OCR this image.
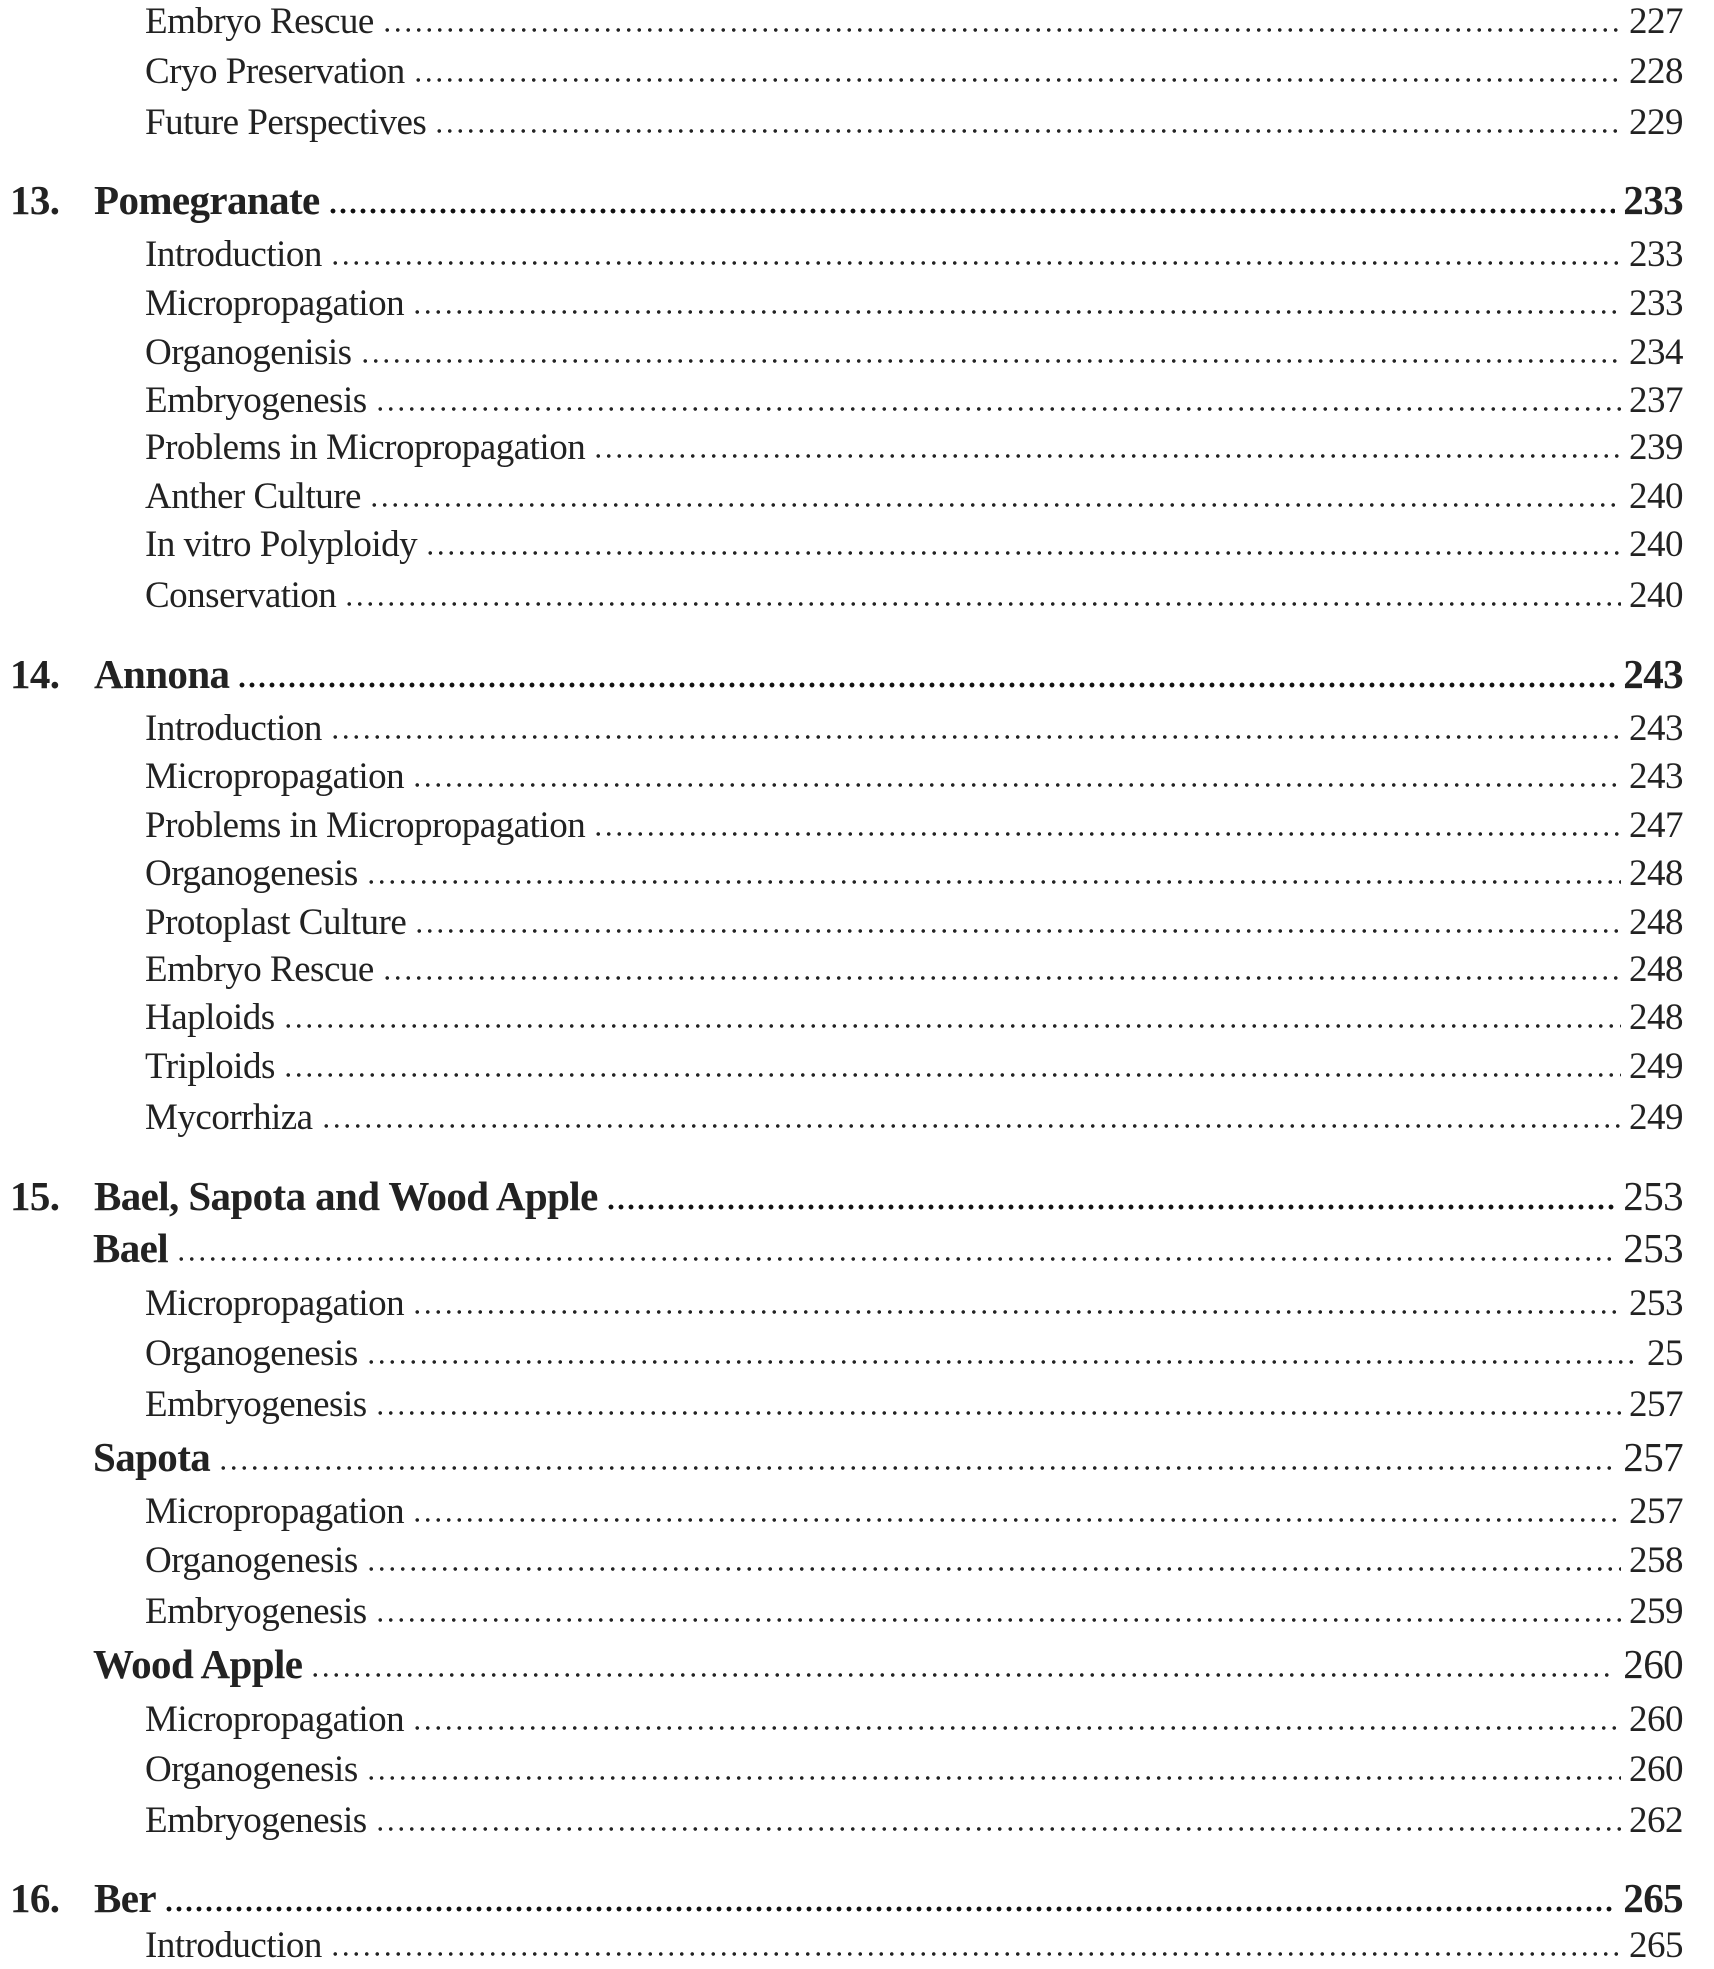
Embryo Rescue	227
Cryo Preservation	228
Future Perspectives	229
13. Pomegranate	233
Introduction	233
Micropropagation	233
Organogenisis	234
Embryogenesis	237
Problems in Micropropagation	239
Anther Culture	240
In vitro Polyploidy	240
Conservation	240
14. Annona	243
Introduction	243
Micropropagation	243
Problems in Micropropagation	247
Organogenesis	248
Protoplast Culture	248
Embryo Rescue	248
Haploids	248
Triploids	249
Mycorrhiza	249
15. Bael, Sapota and Wood Apple	253
Bael	253
Micropropagation	253
Organogenesis	25
Embryogenesis	257
Sapota	257
Micropropagation	257
Organogenesis	258
Embryogenesis	259
Wood Apple	260
Micropropagation	260
Organogenesis	260
Embryogenesis	262
16. Ber	265
Introduction	265
